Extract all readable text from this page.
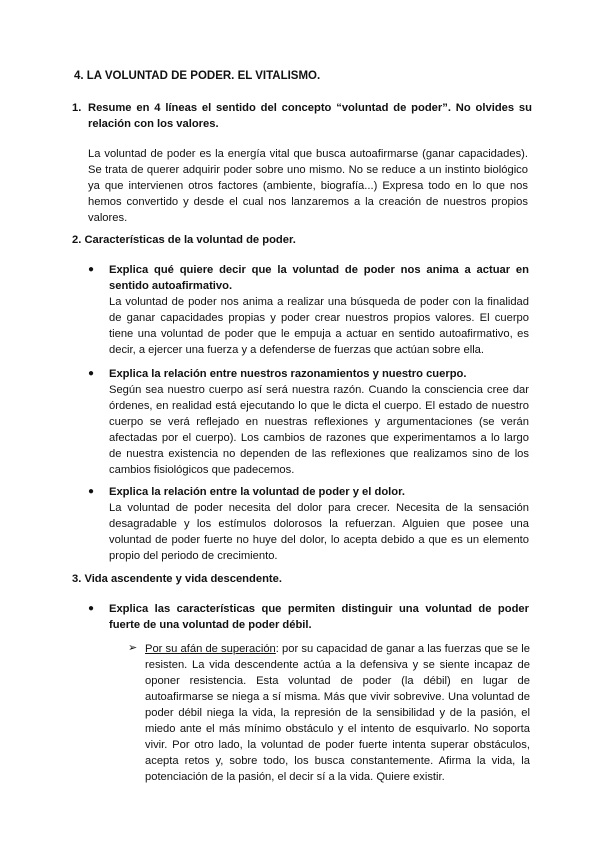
4. LA VOLUNTAD DE PODER. EL VITALISMO.
1. Resume en 4 líneas el sentido del concepto “voluntad de poder”. No olvides su relación con los valores.
La voluntad de poder es la energía vital que busca autoafirmarse (ganar capacidades). Se trata de querer adquirir poder sobre uno mismo. No se reduce a un instinto biológico ya que intervienen otros factores (ambiente, biografía...) Expresa todo en lo que nos hemos convertido y desde el cual nos lanzaremos a la creación de nuestros propios valores.
2. Características de la voluntad de poder.
● Explica qué quiere decir que la voluntad de poder nos anima a actuar en sentido autoafirmativo.
La voluntad de poder nos anima a realizar una búsqueda de poder con la finalidad de ganar capacidades propias y poder crear nuestros propios valores. El cuerpo tiene una voluntad de poder que le empuja a actuar en sentido autoafirmativo, es decir, a ejercer una fuerza y a defenderse de fuerzas que actúan sobre ella.
● Explica la relación entre nuestros razonamientos y nuestro cuerpo.
Según sea nuestro cuerpo así será nuestra razón. Cuando la consciencia cree dar órdenes, en realidad está ejecutando lo que le dicta el cuerpo. El estado de nuestro cuerpo se verá reflejado en nuestras reflexiones y argumentaciones (se verán afectadas por el cuerpo). Los cambios de razones que experimentamos a lo largo de nuestra existencia no dependen de las reflexiones que realizamos sino de los cambios fisiológicos que padecemos.
● Explica la relación entre la voluntad de poder y el dolor.
La voluntad de poder necesita del dolor para crecer. Necesita de la sensación desagradable y los estímulos dolorosos la refuerzan. Alguien que posee una voluntad de poder fuerte no huye del dolor, lo acepta debido a que es un elemento propio del periodo de crecimiento.
3. Vida ascendente y vida descendente.
● Explica las características que permiten distinguir una voluntad de poder fuerte de una voluntad de poder débil.
➢ Por su afán de superación: por su capacidad de ganar a las fuerzas que se le resisten. La vida descendente actúa a la defensiva y se siente incapaz de oponer resistencia. Esta voluntad de poder (la débil) en lugar de autoafirmarse se niega a sí misma. Más que vivir sobrevive. Una voluntad de poder débil niega la vida, la represión de la sensibilidad y de la pasión, el miedo ante el más mínimo obstáculo y el intento de esquivarlo. No soporta vivir. Por otro lado, la voluntad de poder fuerte intenta superar obstáculos, acepta retos y, sobre todo, los busca constantemente. Afirma la vida, la potenciación de la pasión, el decir sí a la vida. Quiere existir.
